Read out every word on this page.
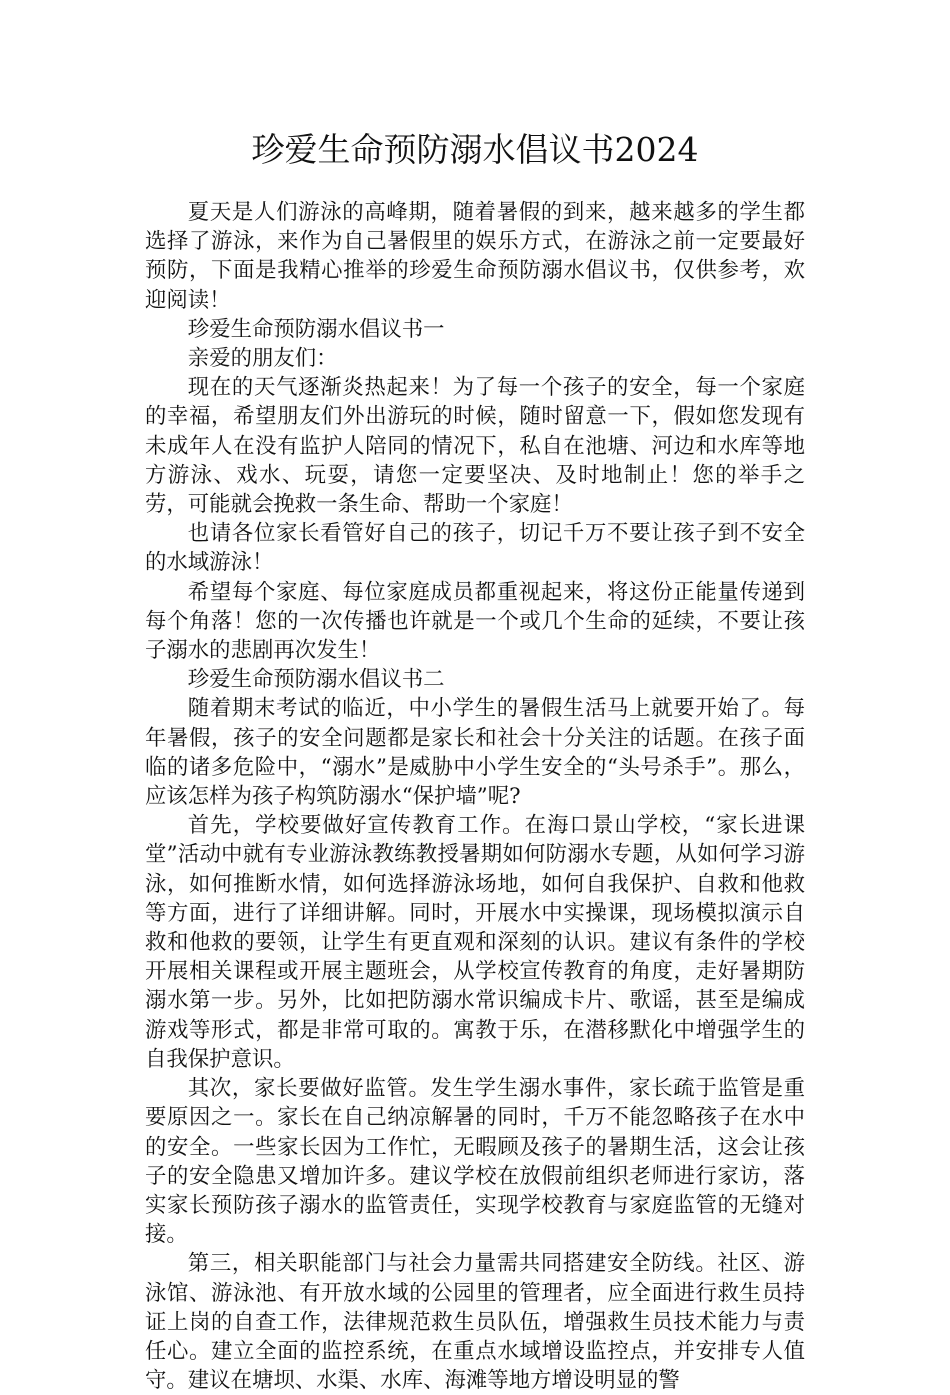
珍爱生命预防溺水倡议书2024

夏天是人们游泳的高峰期，随着暑假的到来，越来越多的学生都选择了游泳，来作为自己暑假里的娱乐方式，在游泳之前一定要最好预防，下面是我精心推举的珍爱生命预防溺水倡议书，仅供参考，欢迎阅读！

珍爱生命预防溺水倡议书一

亲爱的朋友们：

现在的天气逐渐炎热起来！为了每一个孩子的安全，每一个家庭的幸福，希望朋友们外出游玩的时候，随时留意一下，假如您发现有未成年人在没有监护人陪同的情况下，私自在池塘、河边和水库等地方游泳、戏水、玩耍，请您一定要坚决、及时地制止！您的举手之劳，可能就会挽救一条生命、帮助一个家庭！

也请各位家长看管好自己的孩子，切记千万不要让孩子到不安全的水域游泳！

希望每个家庭、每位家庭成员都重视起来，将这份正能量传递到每个角落！您的一次传播也许就是一个或几个生命的延续，不要让孩子溺水的悲剧再次发生！

珍爱生命预防溺水倡议书二

随着期末考试的临近，中小学生的暑假生活马上就要开始了。每年暑假，孩子的安全问题都是家长和社会十分关注的话题。在孩子面临的诸多危险中，“溺水”是威胁中小学生安全的“头号杀手”。那么，应该怎样为孩子构筑防溺水“保护墙”呢?

首先，学校要做好宣传教育工作。在海口景山学校，“家长进课堂”活动中就有专业游泳教练教授暑期如何防溺水专题，从如何学习游泳，如何推断水情，如何选择游泳场地，如何自我保护、自救和他救等方面，进行了详细讲解。同时，开展水中实操课，现场模拟演示自救和他救的要领，让学生有更直观和深刻的认识。建议有条件的学校开展相关课程或开展主题班会，从学校宣传教育的角度，走好暑期防溺水第一步。另外，比如把防溺水常识编成卡片、歌谣，甚至是编成游戏等形式，都是非常可取的。寓教于乐，在潜移默化中增强学生的自我保护意识。

其次，家长要做好监管。发生学生溺水事件，家长疏于监管是重要原因之一。家长在自己纳凉解暑的同时，千万不能忽略孩子在水中的安全。一些家长因为工作忙，无暇顾及孩子的暑期生活，这会让孩子的安全隐患又增加许多。建议学校在放假前组织老师进行家访，落实家长预防孩子溺水的监管责任，实现学校教育与家庭监管的无缝对接。

第三，相关职能部门与社会力量需共同搭建安全防线。社区、游泳馆、游泳池、有开放水域的公园里的管理者，应全面进行救生员持证上岗的自查工作，法律规范救生员队伍，增强救生员技术能力与责任心。建立全面的监控系统，在重点水域增设监控点，并安排专人值守。建议在塘坝、水渠、水库、海滩等地方增设明显的警
